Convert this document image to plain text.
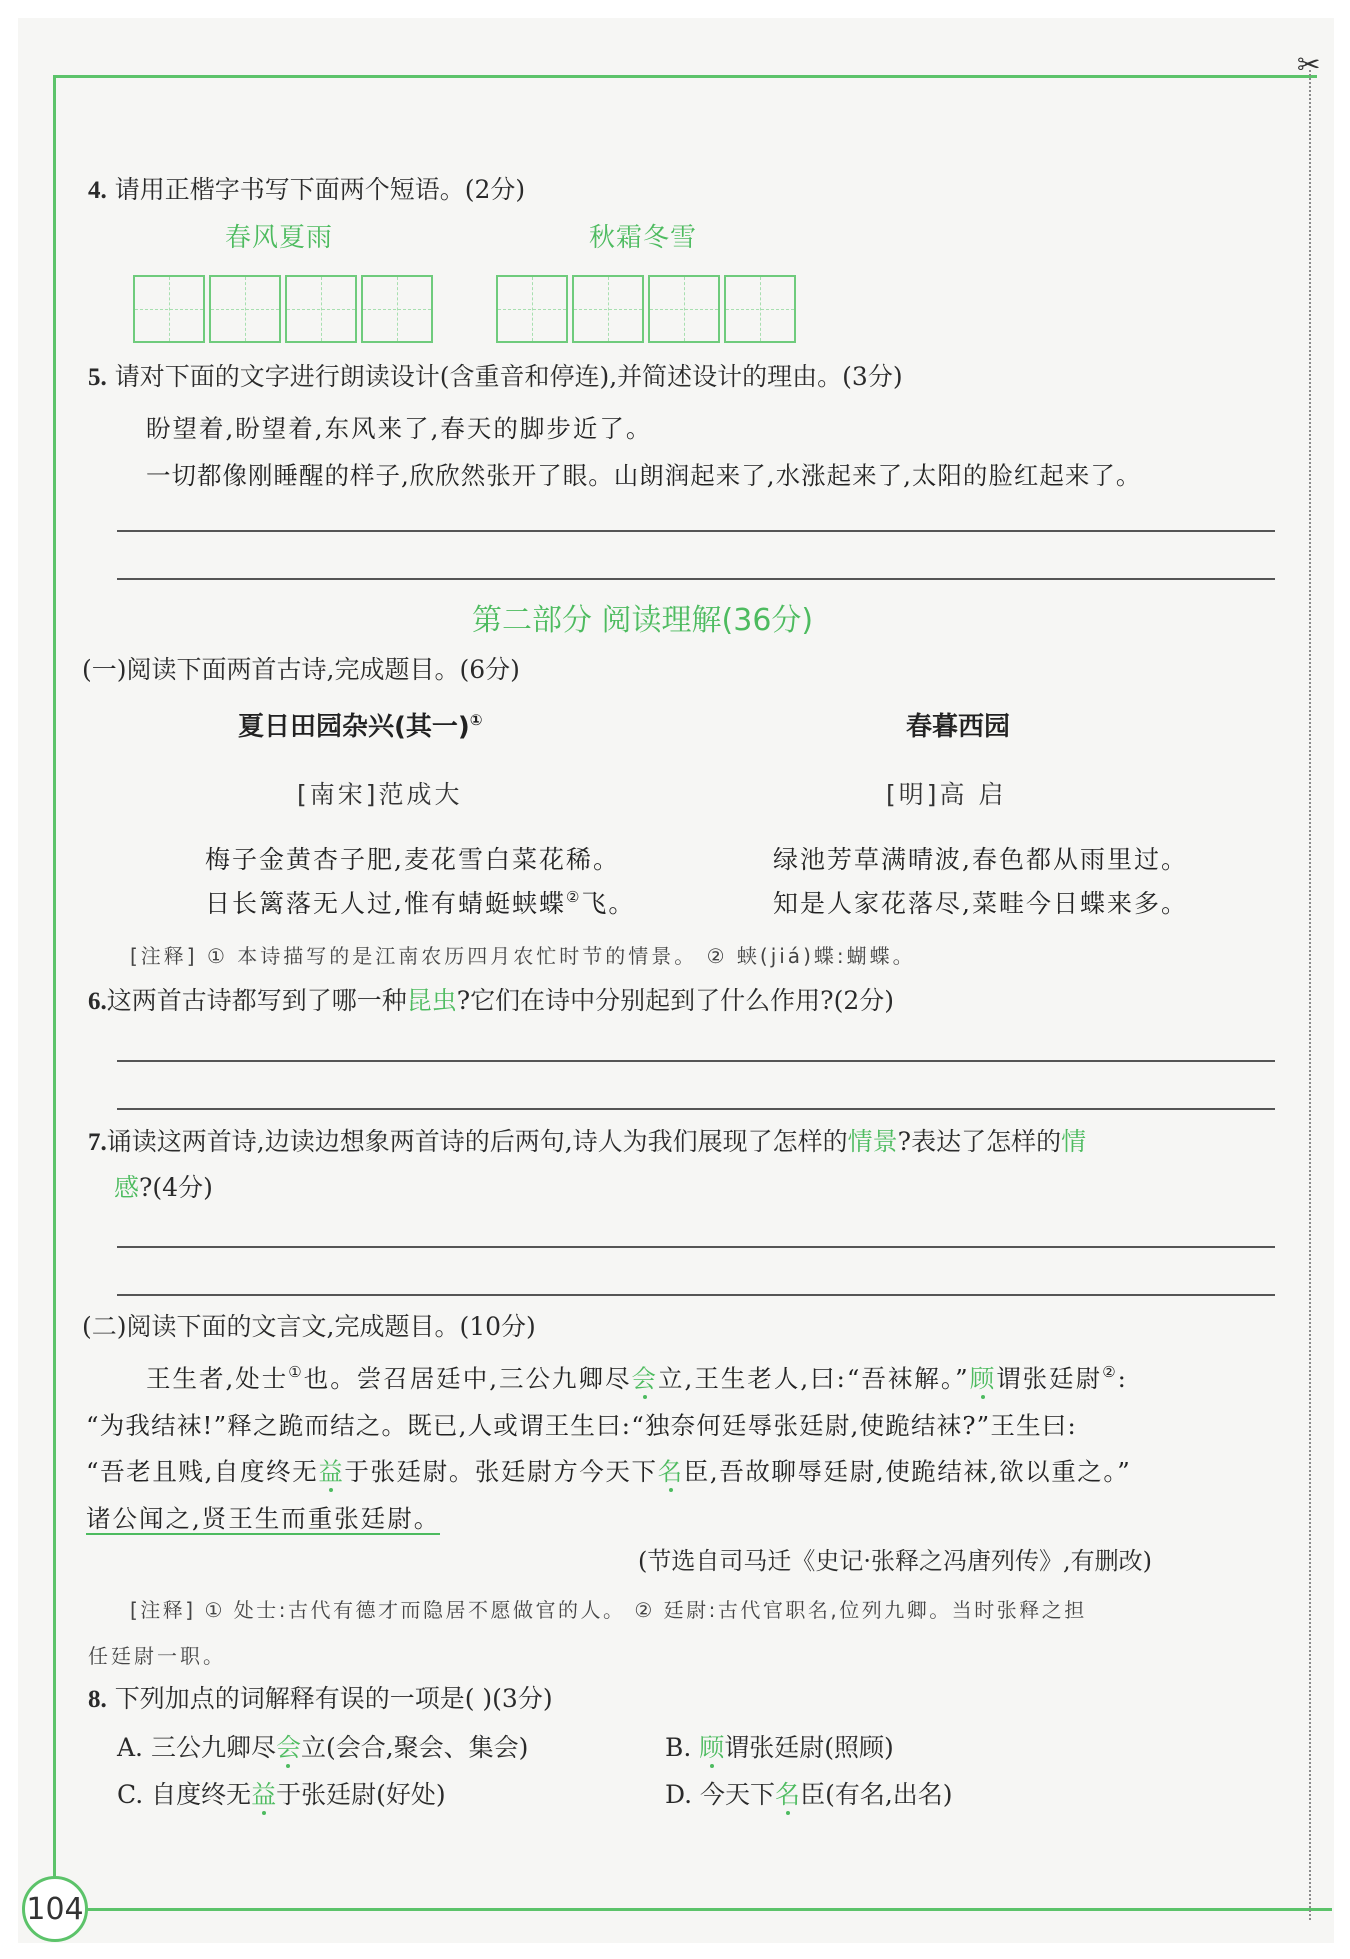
✂
104
4. 请用正楷字书写下面两个短语。(2分)
春风夏雨	秋霜冬雪
5. 请对下面的文字进行朗读设计(含重音和停连),并简述设计的理由。(3分)
盼望着,盼望着,东风来了,春天的脚步近了。
一切都像刚睡醒的样子,欣欣然张开了眼。山朗润起来了,水涨起来了,太阳的脸红起来了。
第二部分 阅读理解(36分)
(一)阅读下面两首古诗,完成题目。(6分)
夏日田园杂兴(其一)①	春暮西园
[南宋]范成大	[明]高 启
梅子金黄杏子肥,麦花雪白菜花稀。
日长篱落无人过,惟有蜻蜓蛱蝶②飞。
绿池芳草满晴波,春色都从雨里过。
知是人家花落尽,菜畦今日蝶来多。
[注释] ① 本诗描写的是江南农历四月农忙时节的情景。 ② 蛱(jiá)蝶:蝴蝶。
6.这两首古诗都写到了哪一种昆虫?它们在诗中分别起到了什么作用?(2分)
7.诵读这两首诗,边读边想象两首诗的后两句,诗人为我们展现了怎样的情景?表达了怎样的情
感?(4分)
(二)阅读下面的文言文,完成题目。(10分)
王生者,处士①也。尝召居廷中,三公九卿尽会立,王生老人,曰:“吾袜解。”顾谓张廷尉②:
“为我结袜!”释之跪而结之。既已,人或谓王生曰:“独奈何廷辱张廷尉,使跪结袜?”王生曰:
“吾老且贱,自度终无益于张廷尉。张廷尉方今天下名臣,吾故聊辱廷尉,使跪结袜,欲以重之。”
诸公闻之,贤王生而重张廷尉。
(节选自司马迁《史记·张释之冯唐列传》,有删改)
[注释] ① 处士:古代有德才而隐居不愿做官的人。 ② 廷尉:古代官职名,位列九卿。当时张释之担
任廷尉一职。
8. 下列加点的词解释有误的一项是( )(3分)
A. 三公九卿尽会立(会合,聚会、集会)	B. 顾谓张廷尉(照顾)
C. 自度终无益于张廷尉(好处)	D. 今天下名臣(有名,出名)
